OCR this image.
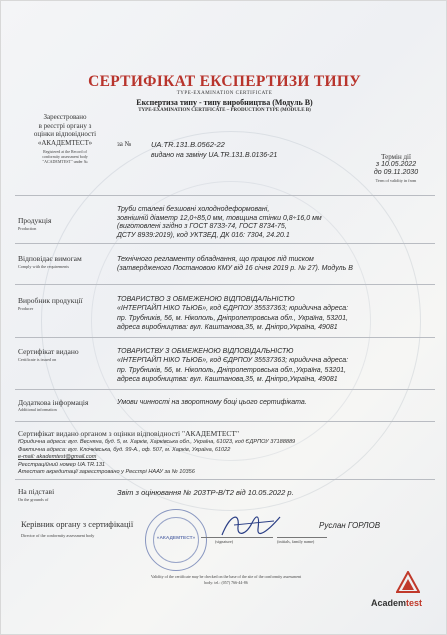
СЕРТИФІКАТ ЕКСПЕРТИЗИ ТИПУ
TYPE-EXAMINATION CERTIFICATE
Експертиза типу - типу виробництва (Модуль В)
TYPE-EXAMINATION CERTIFICATE – PRODUCTION TYPE (MODULE B)
Зареєстровано
в реєстрі органу з
оцінки відповідності
«АКАДЕМТЕСТ»
Registered at the Record of
conformity assessment body
"ACADEMTEST" under №
за №	UA.TR.131.B.0562-22
видано на заміну UA.TR.131.B.0136-21	Термін дії
з 10.05.2022
до 09.11.2030
Term of validity in from
Продукція
Production
Труби сталеві безшовні холоднодеформовані,
зовнішній діаметр 12,0÷85,0 мм, товщина стінки 0,8÷16,0 мм
(виготовлені згідно з ГОСТ 8733-74, ГОСТ 8734-75,
ДСТУ 8939:2019), код УКТЗЕД, ДК 016: 7304, 24.20.1
Відповідає вимогам
Comply with the requirements
Технічного регламенту обладнання, що працює під тиском
(затвердженого Постановою КМУ від 16 січня 2019 р. № 27). Модуль В
Виробник продукції
Producer
ТОВАРИСТВО З ОБМЕЖЕНОЮ ВІДПОВІДАЛЬНІСТЮ
«ІНТЕРПАЙП НІКО ТЬЮБ», код ЄДРПОУ 35537363; юридична адреса:
пр. Трубників, 56, м. Нікополь, Дніпропетровська обл., Україна, 53201,
адреса виробництва: вул. Каштанова,35, м. Дніпро,Україна, 49081
Сертифікат видано
Certificate is issued on
ТОВАРИСТВУ З ОБМЕЖЕНОЮ ВІДПОВІДАЛЬНІСТЮ
«ІНТЕРПАЙП НІКО ТЬЮБ», код ЄДРПОУ 35537363; юридична адреса:
пр. Трубників, 56, м. Нікополь, Дніпропетровська обл.,Україна, 53201,
адреса виробництва: вул. Каштанова,35, м. Дніпро,Україна, 49081
Додаткова інформація
Additional information
Умови чинності на зворотному боці цього сертифіката.
Сертифікат видано органом з оцінки відповідності "АКАДЕМТЕСТ"
Юридична адреса: вул. Весняна, буд. 5, м. Харків, Харківська обл., Україна, 61023, код ЄДРПОУ 37188889
Фактична адреса: вул. Клочківська, буд. 99-А., оф. 507, м. Харків, Україна, 61022
e-mail: akademtest@gmail.com
Реєстраційний номер UA.TR.131
Атестат акредитації зареєстровано у Реєстрі НААУ за № 10356
На підставі
On the grounds of
Звіт з оцінювання № 203ТР-В/Т2 від 10.05.2022 р.
«АКАДЕМТЕСТ»
Керівник органу з сертифікації
Director of the conformity assessment body
(signature)	(initials, family name)
Руслан ГОРЛОВ
Validity of the certificate may be checked on the base of the site of the conformity assessment
body: tel.: (057) 766-44-86
Academtest
